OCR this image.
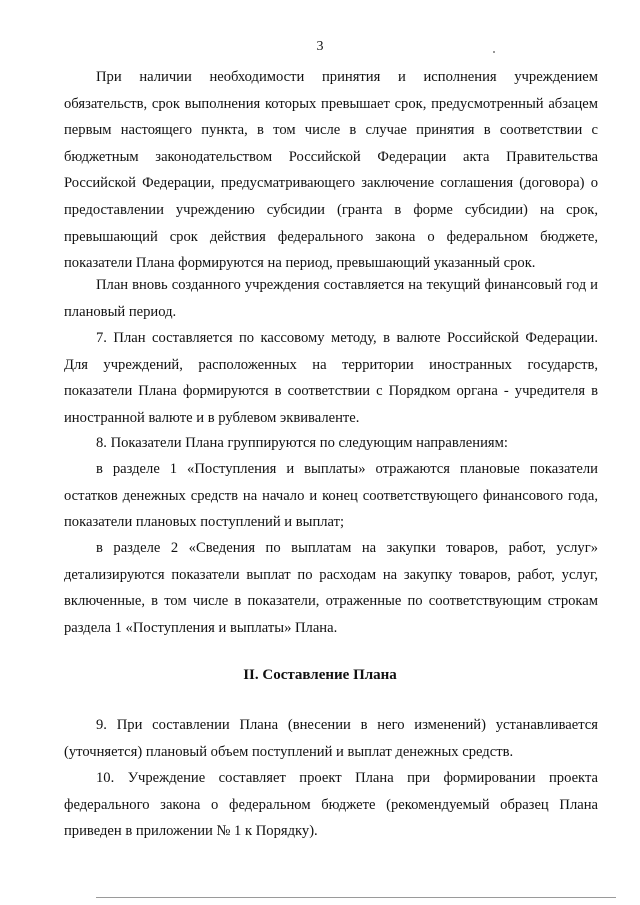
3

При наличии необходимости принятия и исполнения учреждением обязательств, срок выполнения которых превышает срок, предусмотренный абзацем первым настоящего пункта, в том числе в случае принятия в соответствии с бюджетным законодательством Российской Федерации акта Правительства Российской Федерации, предусматривающего заключение соглашения (договора) о предоставлении учреждению субсидии (гранта в форме субсидии) на срок, превышающий срок действия федерального закона о федеральном бюджете, показатели Плана формируются на период, превышающий указанный срок.

План вновь созданного учреждения составляется на текущий финансовый год и плановый период.

7. План составляется по кассовому методу, в валюте Российской Федерации. Для учреждений, расположенных на территории иностранных государств, показатели Плана формируются в соответствии с Порядком органа - учредителя в иностранной валюте и в рублевом эквиваленте.

8. Показатели Плана группируются по следующим направлениям:

в разделе 1 «Поступления и выплаты» отражаются плановые показатели остатков денежных средств на начало и конец соответствующего финансового года, показатели плановых поступлений и выплат;

в разделе 2 «Сведения по выплатам на закупки товаров, работ, услуг» детализируются показатели выплат по расходам на закупку товаров, работ, услуг, включенные, в том числе в показатели, отраженные по соответствующим строкам раздела 1 «Поступления и выплаты» Плана.

II. Составление Плана

9. При составлении Плана (внесении в него изменений) устанавливается (уточняется) плановый объем поступлений и выплат денежных средств.

10. Учреждение составляет проект Плана при формировании проекта федерального закона о федеральном бюджете (рекомендуемый образец Плана приведен в приложении № 1 к Порядку).
